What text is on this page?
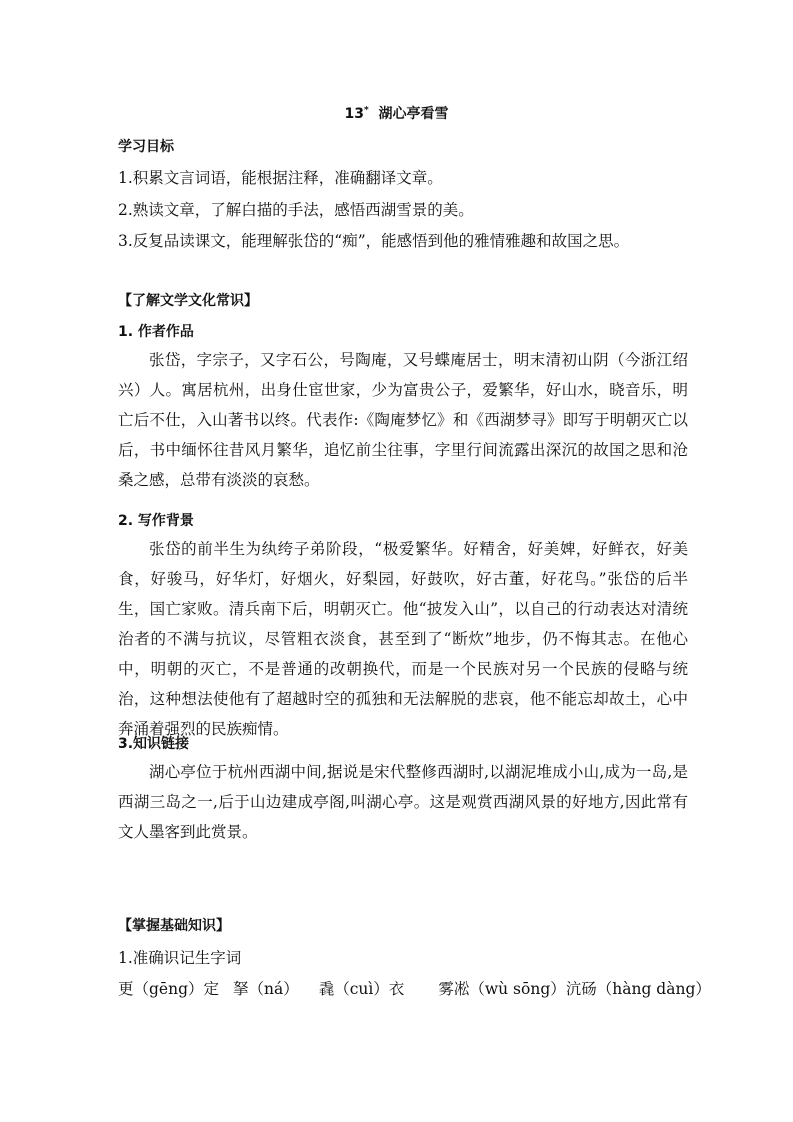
13* 湖心亭看雪
学习目标
1.积累文言词语，能根据注释，准确翻译文章。
2.熟读文章，了解白描的手法，感悟西湖雪景的美。
3.反复品读课文，能理解张岱的“痴”，能感悟到他的雅情雅趣和故国之思。
【了解文学文化常识】
1. 作者作品
张岱，字宗子，又字石公，号陶庵，又号蝶庵居士，明末清初山阴（今浙江绍兴）人。寓居杭州，出身仕宦世家，少为富贵公子，爱繁华，好山水，晓音乐，明亡后不仕，入山著书以终。代表作:《陶庵梦忆》和《西湖梦寻》即写于明朝灭亡以后，书中缅怀往昔风月繁华，追忆前尘往事，字里行间流露出深沉的故国之思和沧桑之感，总带有淡淡的哀愁。
2. 写作背景
张岱的前半生为纨绔子弟阶段，“极爱繁华。好精舍，好美婢，好鲜衣，好美食，好骏马，好华灯，好烟火，好梨园，好鼓吹，好古董，好花鸟。”张岱的后半生，国亡家败。清兵南下后，明朝灭亡。他“披发入山”，以自己的行动表达对清统治者的不满与抗议，尽管粗衣淡食，甚至到了“断炊”地步，仍不悔其志。在他心中，明朝的灭亡，不是普通的改朝换代，而是一个民族对另一个民族的侵略与统治，这种想法使他有了超越时空的孤独和无法解脱的悲哀，他不能忘却故土，心中奔涌着强烈的民族痴情。
3.知识链接
湖心亭位于杭州西湖中间,据说是宋代整修西湖时,以湖泥堆成小山,成为一岛,是西湖三岛之一,后于山边建成亭阁,叫湖心亭。这是观赏西湖风景的好地方,因此常有文人墨客到此赏景。
【掌握基础知识】
1.准确识记生字词
更（gēng）定 拏（ná） 毳（cuì）衣 雾凇（wù sōng）沆砀（hàng dàng）
